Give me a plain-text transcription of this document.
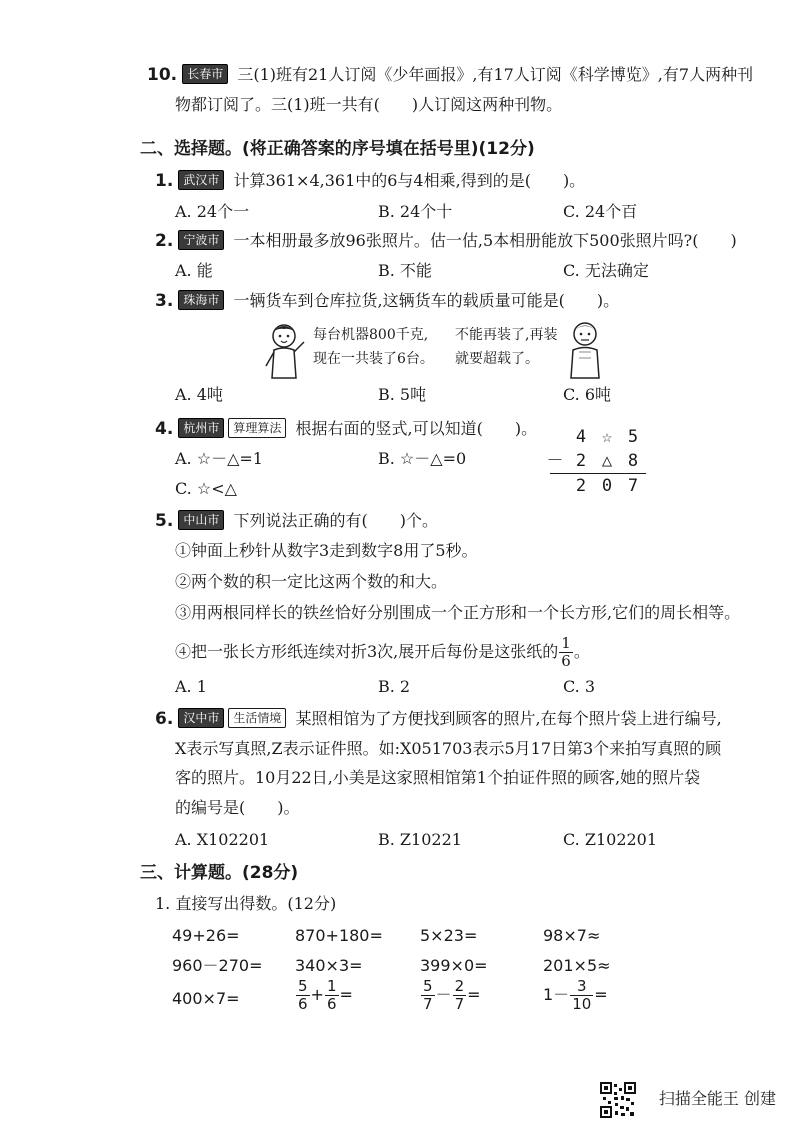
10. 长春市 三(1)班有21人订阅《少年画报》,有17人订阅《科学博览》,有7人两种刊
物都订阅了。三(1)班一共有(　　)人订阅这两种刊物。
二、选择题。(将正确答案的序号填在括号里)(12分)
1. 武汉市 计算361×4,361中的6与4相乘,得到的是(　　)。
A. 24个一	B. 24个十	C. 24个百
2. 宁波市 一本相册最多放96张照片。估一估,5本相册能放下500张照片吗?(　　)
A. 能	B. 不能	C. 无法确定
3. 珠海市 一辆货车到仓库拉货,这辆货车的载质量可能是(　　)。
每台机器800千克,
现在一共装了6台。
不能再装了,再装
就要超载了。
A. 4吨	B. 5吨	C. 6吨
4. 杭州市 算理算法 根据右面的竖式,可以知道(　　)。
A. ☆－△=1	B. ☆－△=0
C. ☆<△
4 ☆ 5
－ 2 △ 8
2 0 7
5. 中山市 下列说法正确的有(　　)个。
①钟面上秒针从数字3走到数字8用了5秒。
②两个数的积一定比这两个数的和大。
③用两根同样长的铁丝恰好分别围成一个正方形和一个长方形,它们的周长相等。
④把一张长方形纸连续对折3次,展开后每份是这张纸的 $\frac{1}{6}$ 。
A. 1	B. 2	C. 3
6. 汉中市 生活情境 某照相馆为了方便找到顾客的照片,在每个照片袋上进行编号,
X表示写真照,Z表示证件照。如:X051703表示5月17日第3个来拍写真照的顾
客的照片。10月22日,小美是这家照相馆第1个拍证件照的顾客,她的照片袋
的编号是(　　)。
A. X102201	B. Z10221	C. Z102201
三、计算题。(28分)
1. 直接写出得数。(12分)
49+26=	870+180= 5×23=	98×7≈
960－270= 340×3=	399×0=	201×5≈
400×7=	$\frac{5}{6} + \frac{1}{6}$ =	$\frac{5}{7} - \frac{2}{7}$ =	$1- \frac{3}{10}$ =
扫描全能王 创建
